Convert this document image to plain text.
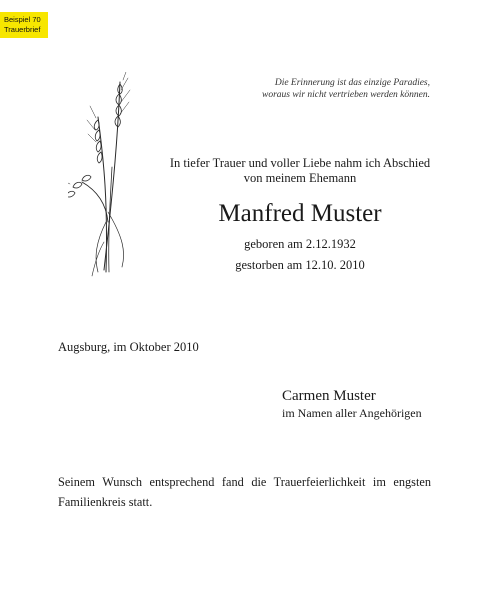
Beispiel 70
Trauerbrief
Die Erinnerung ist das einzige Paradies,
woraus wir nicht vertrieben werden können.
In tiefer Trauer und voller Liebe nahm ich Abschied
von meinem Ehemann
Manfred Muster
geboren am 2.12.1932
gestorben am 12.10. 2010
Augsburg, im Oktober 2010
Carmen Muster
im Namen aller Angehörigen
Seinem Wunsch entsprechend fand die Trauerfeierlichkeit im engsten Familienkreis statt.
